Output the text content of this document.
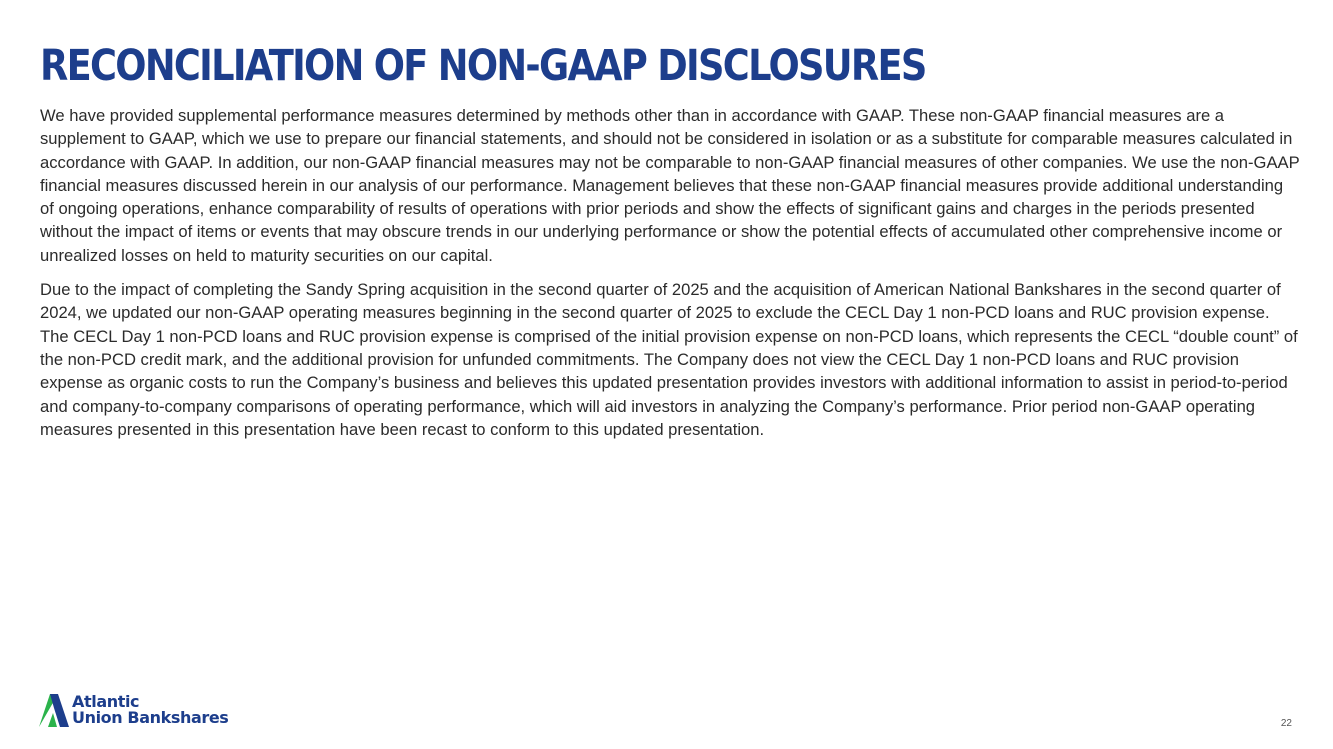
RECONCILIATION OF NON-GAAP DISCLOSURES

We have provided supplemental performance measures determined by methods other than in accordance with GAAP. These non-GAAP financial measures are a supplement to GAAP, which we use to prepare our financial statements, and should not be considered in isolation or as a substitute for comparable measures calculated in accordance with GAAP. In addition, our non-GAAP financial measures may not be comparable to non-GAAP financial measures of other companies. We use the non-GAAP financial measures discussed herein in our analysis of our performance. Management believes that these non-GAAP financial measures provide additional understanding of ongoing operations, enhance comparability of results of operations with prior periods and show the effects of significant gains and charges in the periods presented without the impact of items or events that may obscure trends in our underlying performance or show the potential effects of accumulated other comprehensive income or unrealized losses on held to maturity securities on our capital.

Due to the impact of completing the Sandy Spring acquisition in the second quarter of 2025 and the acquisition of American National Bankshares in the second quarter of 2024, we updated our non-GAAP operating measures beginning in the second quarter of 2025 to exclude the CECL Day 1 non-PCD loans and RUC provision expense. The CECL Day 1 non-PCD loans and RUC provision expense is comprised of the initial provision expense on non-PCD loans, which represents the CECL “double count” of the non-PCD credit mark, and the additional provision for unfunded commitments. The Company does not view the CECL Day 1 non-PCD loans and RUC provision expense as organic costs to run the Company’s business and believes this updated presentation provides investors with additional information to assist in period-to-period and company-to-company comparisons of operating performance, which will aid investors in analyzing the Company’s performance. Prior period non-GAAP operating measures presented in this presentation have been recast to conform to this updated presentation.

Atlantic
Union Bankshares	22
